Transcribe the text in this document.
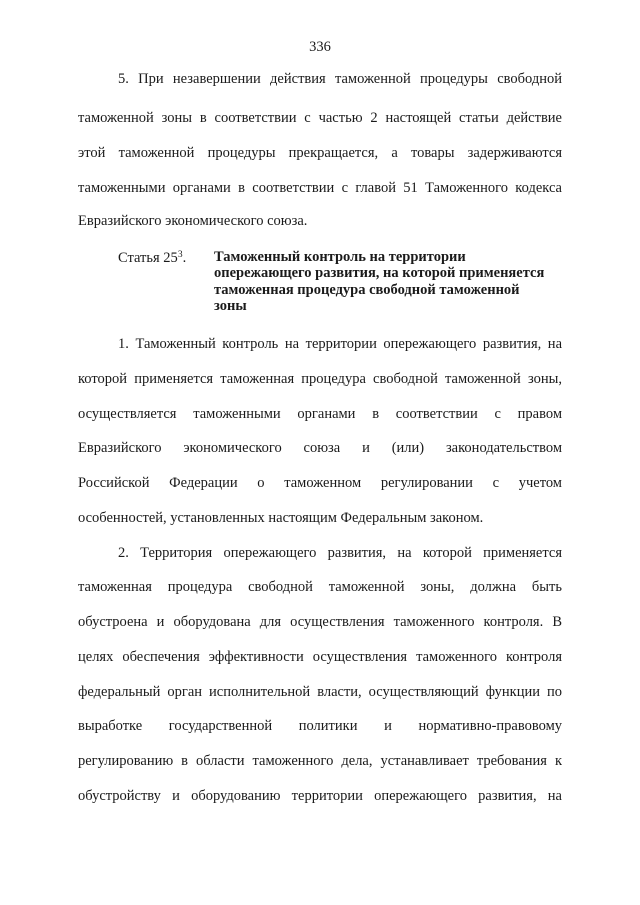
336
5. При незавершении действия таможенной процедуры свободной
таможенной зоны в соответствии с частью 2 настоящей статьи действие
этой таможенной процедуры прекращается, а товары задерживаются
таможенными органами в соответствии с главой 51 Таможенного кодекса
Евразийского экономического союза.
Статья $25^3$. Таможенный контроль на территории
опережающего развития, на которой применяется
таможенная процедура свободной таможенной
зоны
1. Таможенный контроль на территории опережающего развития, на
которой применяется таможенная процедура свободной таможенной зоны,
осуществляется таможенными органами в соответствии с правом
Евразийского экономического союза и (или) законодательством
Российской Федерации о таможенном регулировании с учетом
особенностей, установленных настоящим Федеральным законом.
2. Территория опережающего развития, на которой применяется
таможенная процедура свободной таможенной зоны, должна быть
обустроена и оборудована для осуществления таможенного контроля. В
целях обеспечения эффективности осуществления таможенного контроля
федеральный орган исполнительной власти, осуществляющий функции по
выработке государственной политики и нормативно-правовому
регулированию в области таможенного дела, устанавливает требования к
обустройству и оборудованию территории опережающего развития, на
